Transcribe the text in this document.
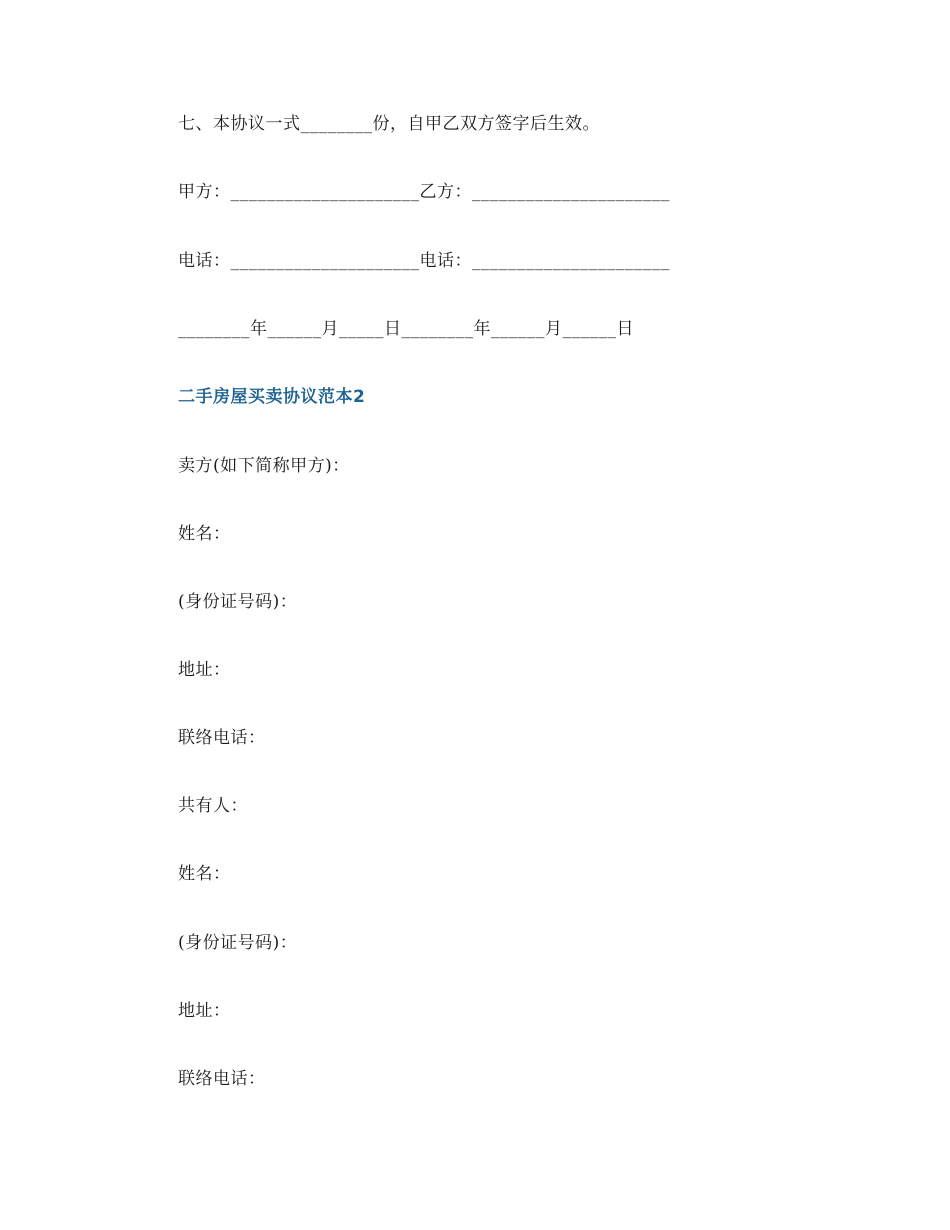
七、本协议一式________份，自甲乙双方签字后生效。
甲方：_____________________乙方：______________________
电话：_____________________电话：______________________
________年______月_____日________年______月______日
二手房屋买卖协议范本2
卖方(如下简称甲方)：
姓名：
(身份证号码)：
地址：
联络电话：
共有人：
姓名：
(身份证号码)：
地址：
联络电话：
